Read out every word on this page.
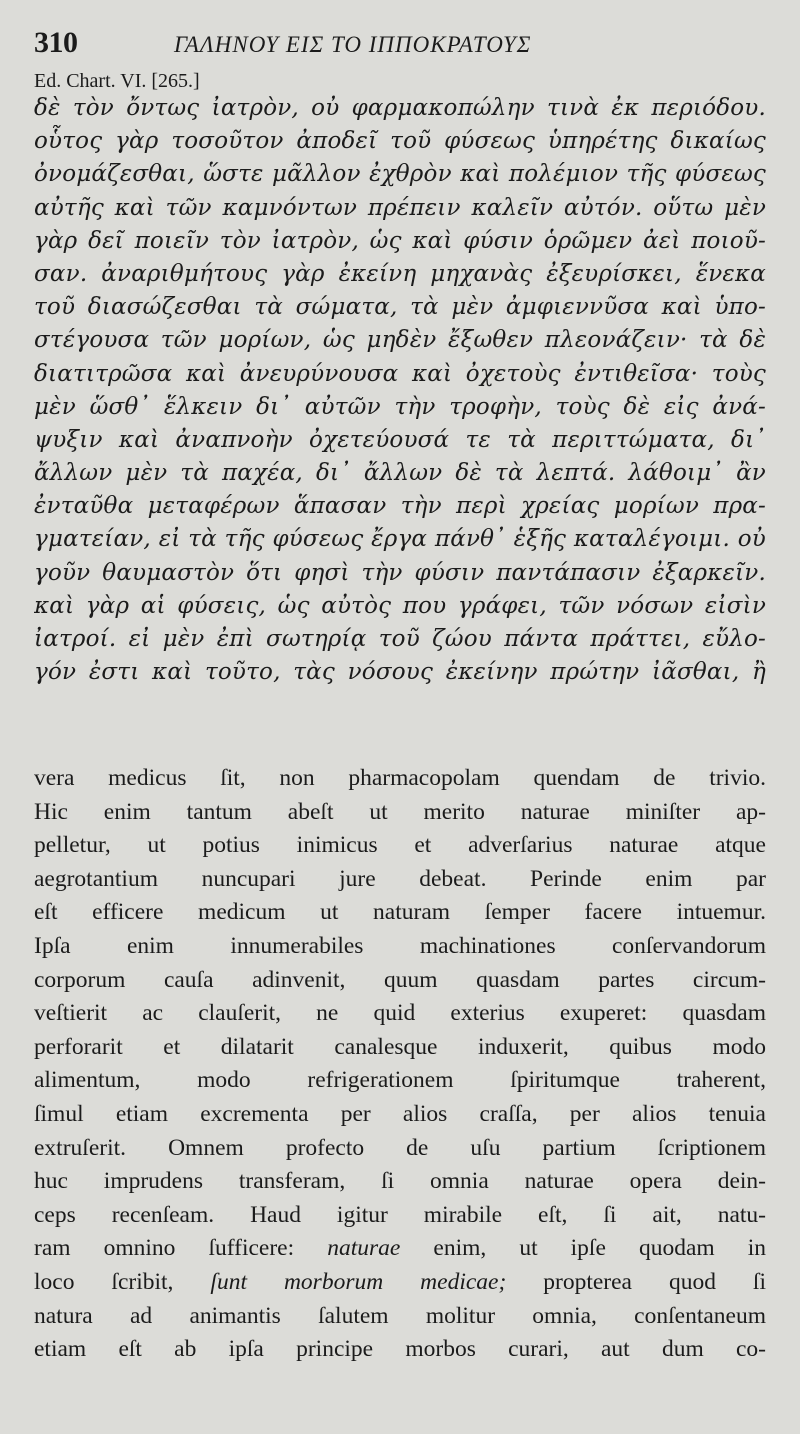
310	ΓΑΛΗΝΟΥ ΕΙΣ ΤΟ ΙΠΠΟΚΡΑΤΟΥΣ
Ed. Chart. VI. [265.]
δὲ τὸν ὄντως ἰατρὸν, οὐ φαρμακοπώλην τινὰ ἐκ περιόδου.
οὗτος γὰρ τοσοῦτον ἀποδεῖ τοῦ φύσεως ὑπηρέτης δικαίως
ὀνομάζεσθαι, ὥστε μᾶλλον ἐχθρὸν καὶ πολέμιον τῆς φύσεως
αὐτῆς καὶ τῶν καμνόντων πρέπειν καλεῖν αὐτόν. οὕτω μὲν
γὰρ δεῖ ποιεῖν τὸν ἰατρὸν, ὡς καὶ φύσιν ὁρῶμεν ἀεὶ ποιοῦ-
σαν. ἀναριθμήτους γὰρ ἐκείνη μηχανὰς ἐξευρίσκει, ἕνεκα
τοῦ διασώζεσθαι τὰ σώματα, τὰ μὲν ἀμφιεννῦσα καὶ ὑπο-
στέγουσα τῶν μορίων, ὡς μηδὲν ἔξωθεν πλεονάζειν· τὰ δὲ
διατιτρῶσα καὶ ἀνευρύνουσα καὶ ὀχετοὺς ἐντιθεῖσα· τοὺς
μὲν ὥσθ᾽ ἕλκειν δι᾽ αὐτῶν τὴν τροφὴν, τοὺς δὲ εἰς ἀνά-
ψυξιν καὶ ἀναπνοὴν ὀχετεύουσά τε τὰ περιττώματα, δι᾽
ἄλλων μὲν τὰ παχέα, δι᾽ ἄλλων δὲ τὰ λεπτά. λάθοιμ᾽ ἂν
ἐνταῦθα μεταφέρων ἅπασαν τὴν περὶ χρείας μορίων πρα-
γματείαν, εἰ τὰ τῆς φύσεως ἔργα πάνθ᾽ ἑξῆς καταλέγοιμι. οὐ
γοῦν θαυμαστὸν ὅτι φησὶ τὴν φύσιν παντάπασιν ἐξαρκεῖν.
καὶ γὰρ αἱ φύσεις, ὡς αὐτὸς που γράφει, τῶν νόσων εἰσὶν
ἰατροί. εἰ μὲν ἐπὶ σωτηρίᾳ τοῦ ζώου πάντα πράττει, εὔλο-
γόν ἐστι καὶ τοῦτο, τὰς νόσους ἐκείνην πρώτην ἰᾶσθαι, ἢ
vera medicus ſit, non pharmacopolam quendam de trivio.
Hic enim tantum abeſt ut merito naturae miniſter ap-
pelletur, ut potius inimicus et adverſarius naturae atque
aegrotantium nuncupari jure debeat. Perinde enim par
eſt efficere medicum ut naturam ſemper facere intuemur.
Ipſa enim innumerabiles machinationes conſervandorum
corporum cauſa adinvenit, quum quasdam partes circum-
veſtierit ac clauſerit, ne quid exterius exuperet: quasdam
perforarit et dilatarit canalesque induxerit, quibus modo
alimentum, modo refrigerationem ſpiritumque traherent,
ſimul etiam excrementa per alios craſſa, per alios tenuia
extruſerit. Omnem profecto de uſu partium ſcriptionem
huc imprudens transferam, ſi omnia naturae opera dein-
ceps recenſeam. Haud igitur mirabile eſt, ſi ait, natu-
ram omnino ſufficere: naturae enim, ut ipſe quodam in
loco ſcribit, ſunt morborum medicae; propterea quod ſi
natura ad animantis ſalutem molitur omnia, conſentaneum
etiam eſt ab ipſa principe morbos curari, aut dum co-
